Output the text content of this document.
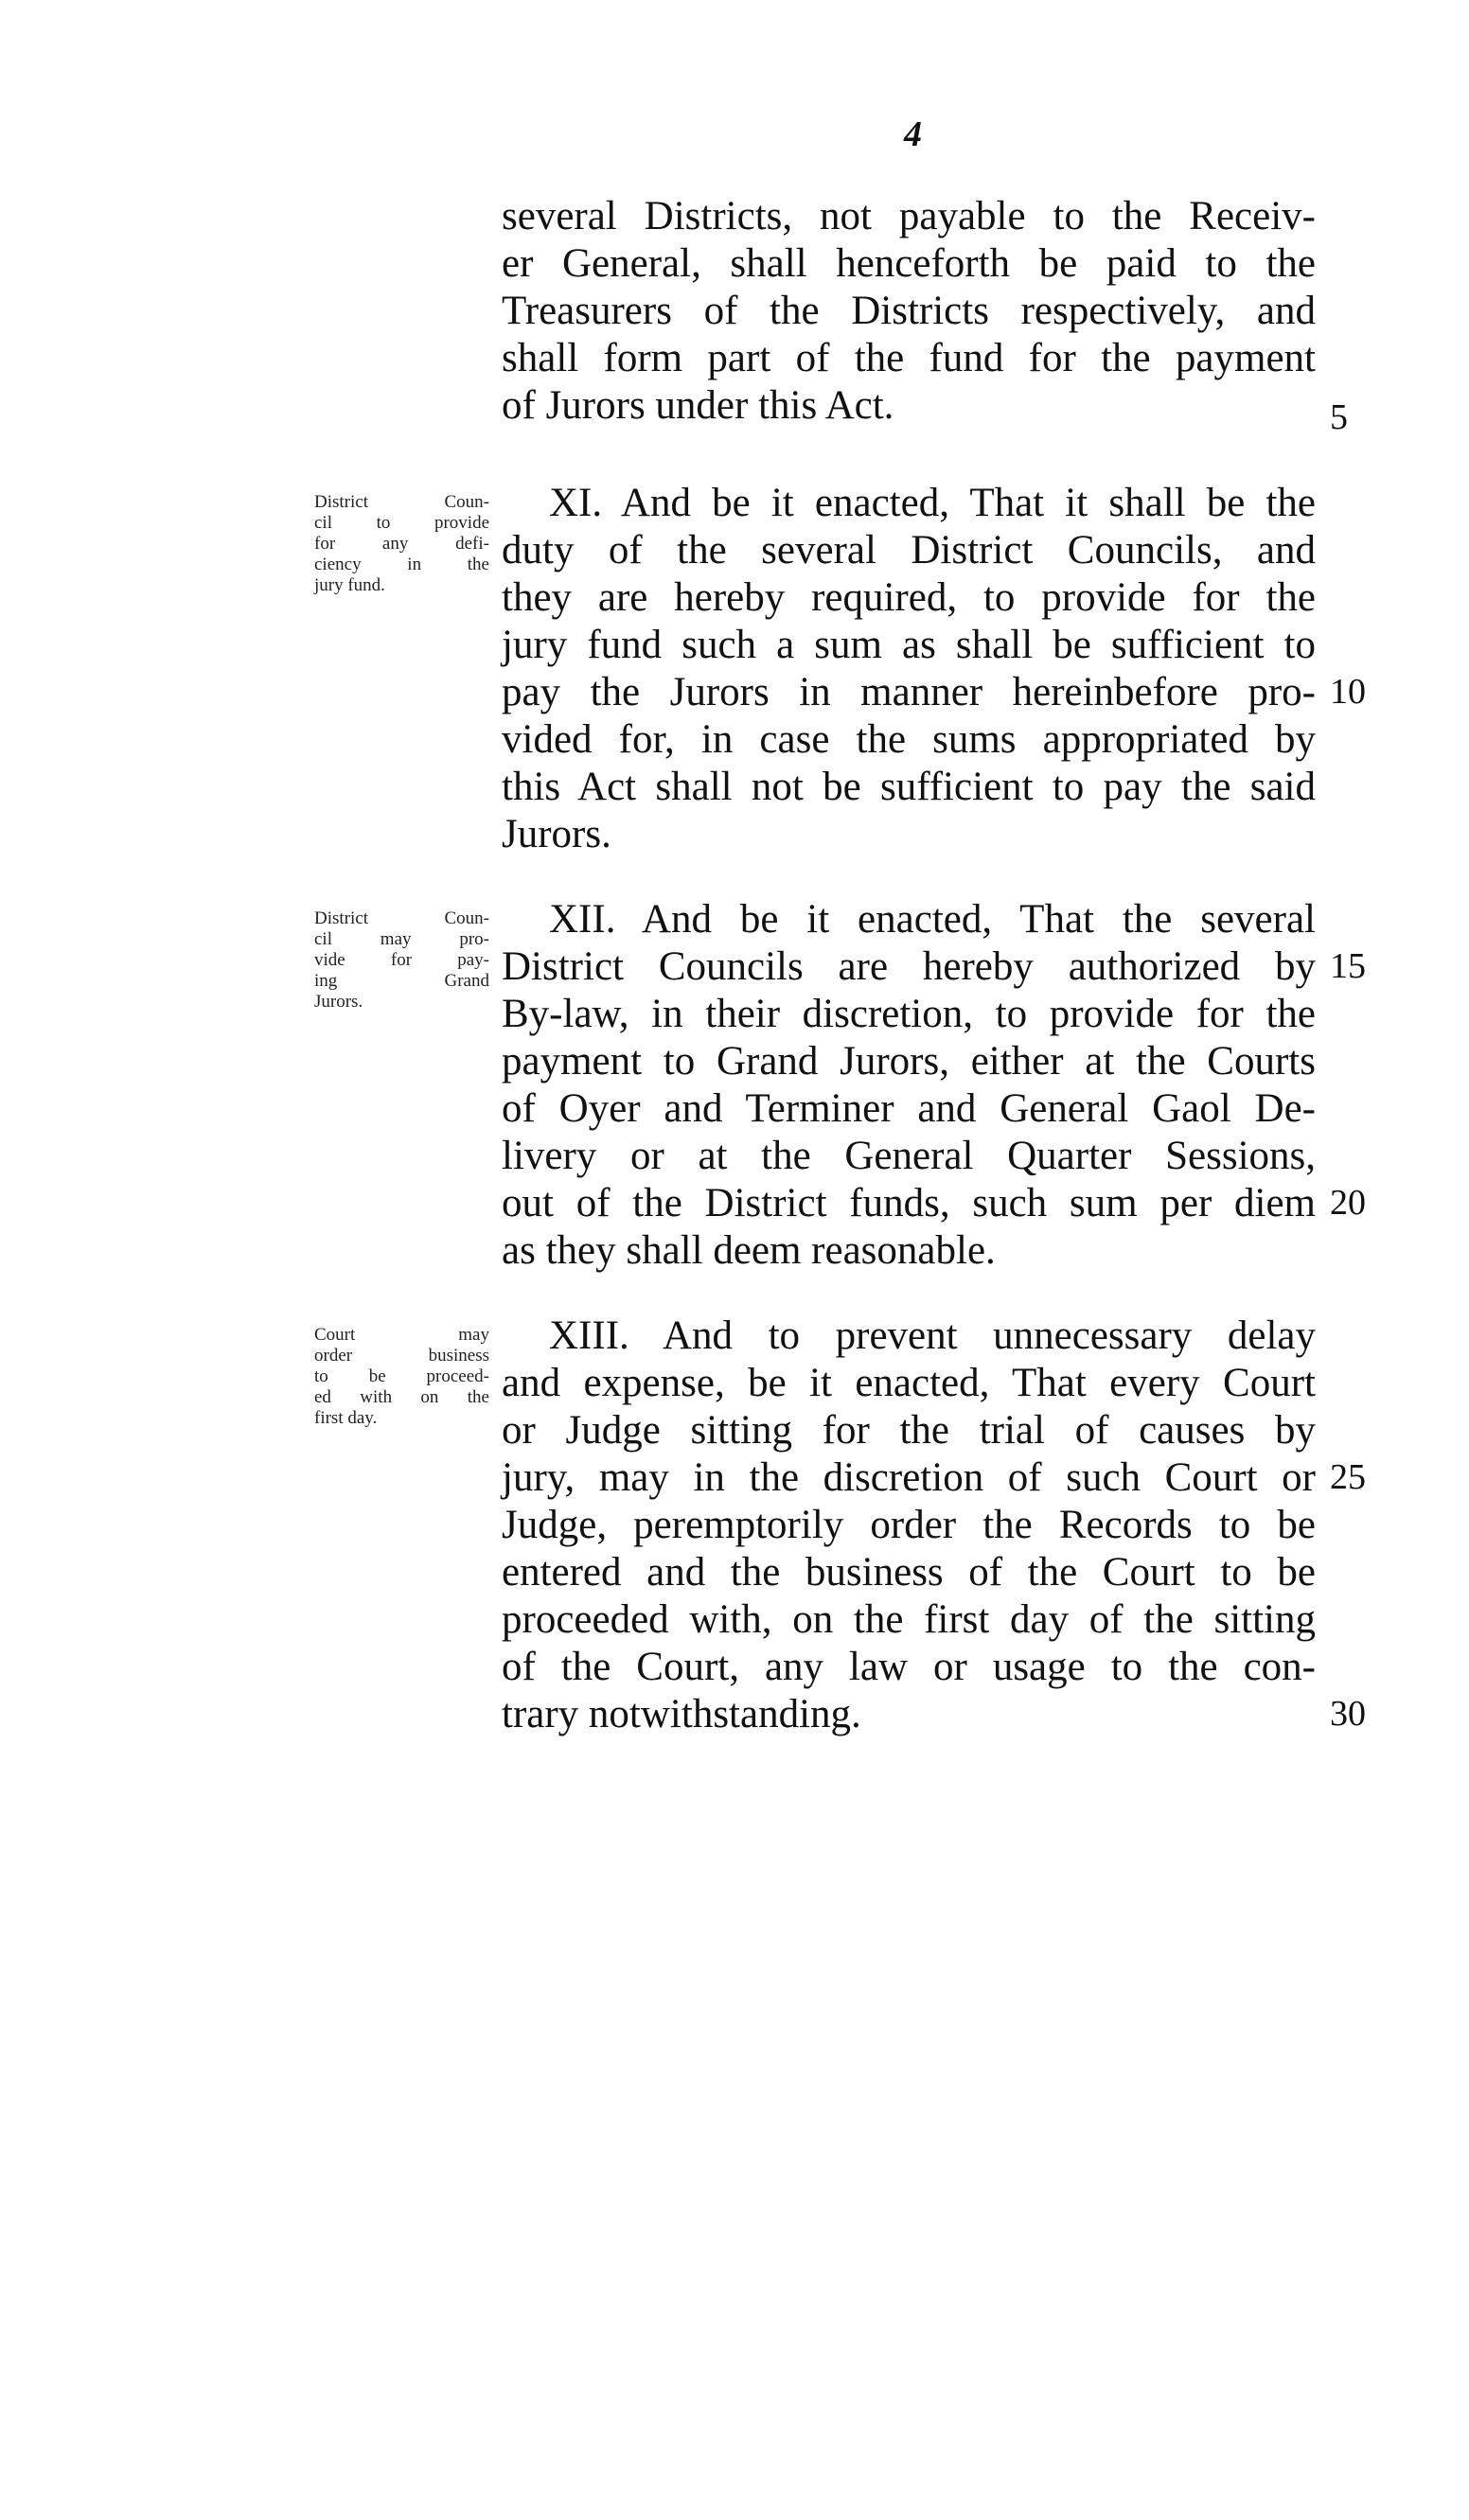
4
several Districts, not payable to the Receiv-
er General, shall henceforth be paid to the
Treasurers of the Districts respectively, and
shall form part of the fund for the payment
of Jurors under this Act.	5
District Coun-
cil to provide
for any defi-
ciency in the
jury fund.
XI. And be it enacted, That it shall be the
duty of the several District Councils, and
they are hereby required, to provide for the
jury fund such a sum as shall be sufficient to
pay the Jurors in manner hereinbefore pro-
vided for, in case the sums appropriated by
this Act shall not be sufficient to pay the said
Jurors.
10
District Coun-
cil may pro-
vide for pay-
ing Grand
Jurors.
XII. And be it enacted, That the several
District Councils are hereby authorized by
By-law, in their discretion, to provide for the
payment to Grand Jurors, either at the Courts
of Oyer and Terminer and General Gaol De-
livery or at the General Quarter Sessions,
out of the District funds, such sum per diem
as they shall deem reasonable.
15
20
Court may
order business
to be proceed-
ed with on the
first day.
XIII. And to prevent unnecessary delay
and expense, be it enacted, That every Court
or Judge sitting for the trial of causes by
jury, may in the discretion of such Court or
Judge, peremptorily order the Records to be
entered and the business of the Court to be
proceeded with, on the first day of the sitting
of the Court, any law or usage to the con-
trary notwithstanding.
25
30
